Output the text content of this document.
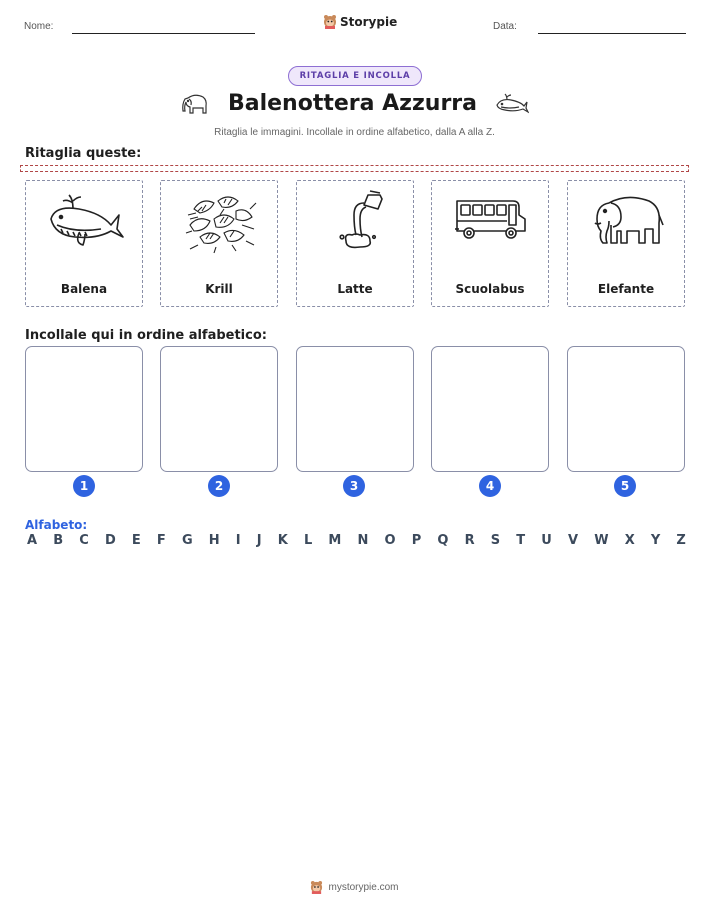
Nome:	Storypie	Data:
RITAGLIA E INCOLLA
Balenottera Azzurra
Ritaglia le immagini. Incollale in ordine alfabetico, dalla A alla Z.
Ritaglia queste:
Balena	Krill	Latte	Scuolabus	Elefante
Incollale qui in ordine alfabetico:
1	2	3	4	5
Alfabeto:
A B C D E F G H I J K L M N O P Q R S T U V W X Y Z
mystorypie.com
